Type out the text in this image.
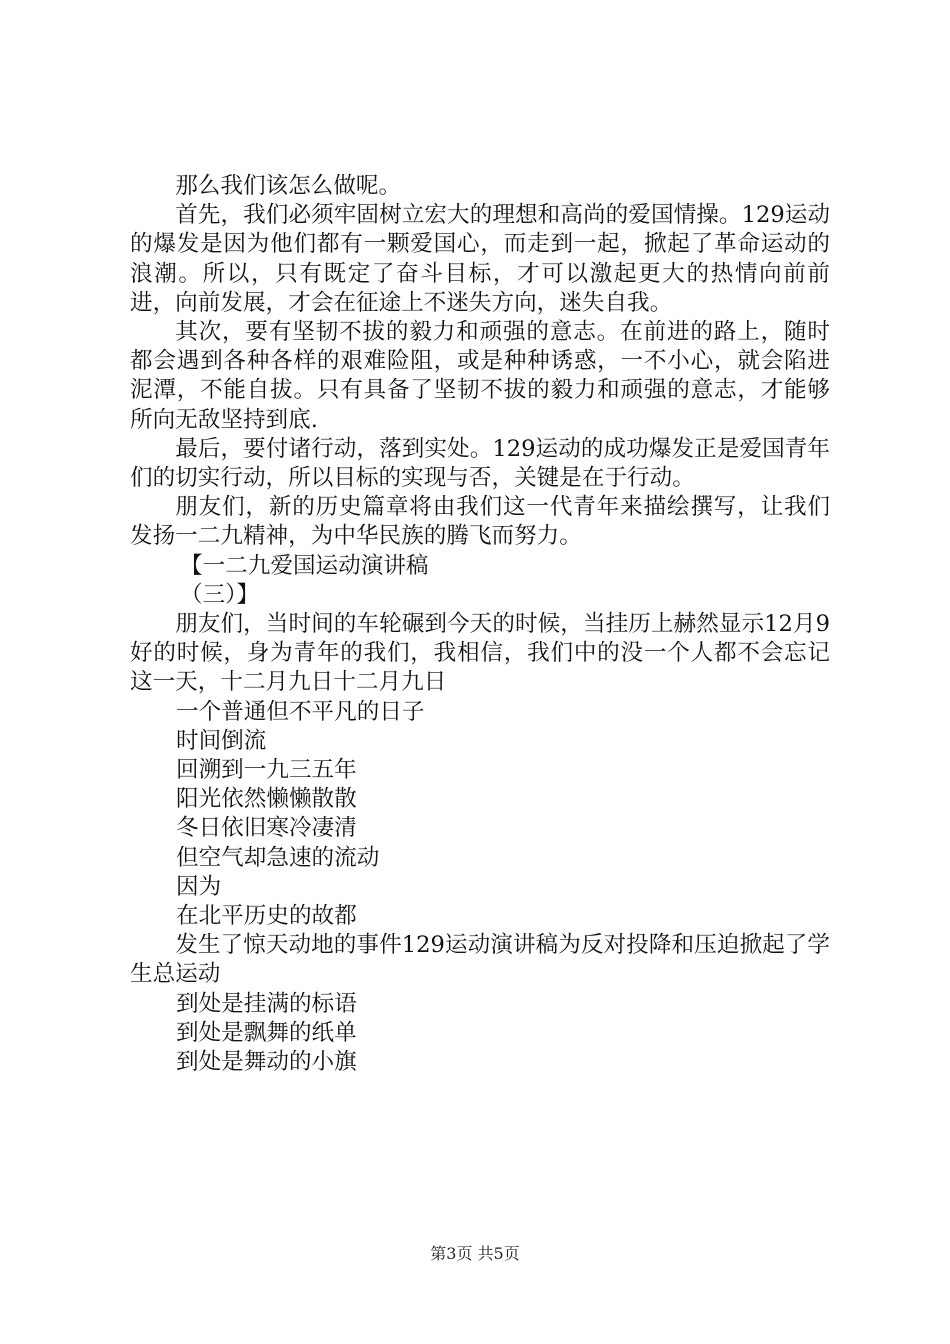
那么我们该怎么做呢。

首先，我们必须牢固树立宏大的理想和高尚的爱国情操。129运动的爆发是因为他们都有一颗爱国心，而走到一起，掀起了革命运动的浪潮。所以，只有既定了奋斗目标，才可以激起更大的热情向前前进，向前发展，才会在征途上不迷失方向，迷失自我。

其次，要有坚韧不拔的毅力和顽强的意志。在前进的路上，随时都会遇到各种各样的艰难险阻，或是种种诱惑，一不小心，就会陷进泥潭，不能自拔。只有具备了坚韧不拔的毅力和顽强的意志，才能够所向无敌坚持到底.

最后，要付诸行动，落到实处。129运动的成功爆发正是爱国青年们的切实行动，所以目标的实现与否，关键是在于行动。

朋友们，新的历史篇章将由我们这一代青年来描绘撰写，让我们发扬一二九精神，为中华民族的腾飞而努力。

【一二九爱国运动演讲稿

（三）】

朋友们，当时间的车轮碾到今天的时候，当挂历上赫然显示12月9好的时候，身为青年的我们，我相信，我们中的没一个人都不会忘记这一天，十二月九日十二月九日

一个普通但不平凡的日子

时间倒流

回溯到一九三五年

阳光依然懒懒散散

冬日依旧寒冷凄清

但空气却急速的流动

因为

在北平历史的故都

发生了惊天动地的事件129运动演讲稿为反对投降和压迫掀起了学生总运动

到处是挂满的标语

到处是飘舞的纸单

到处是舞动的小旗

第3页 共5页
